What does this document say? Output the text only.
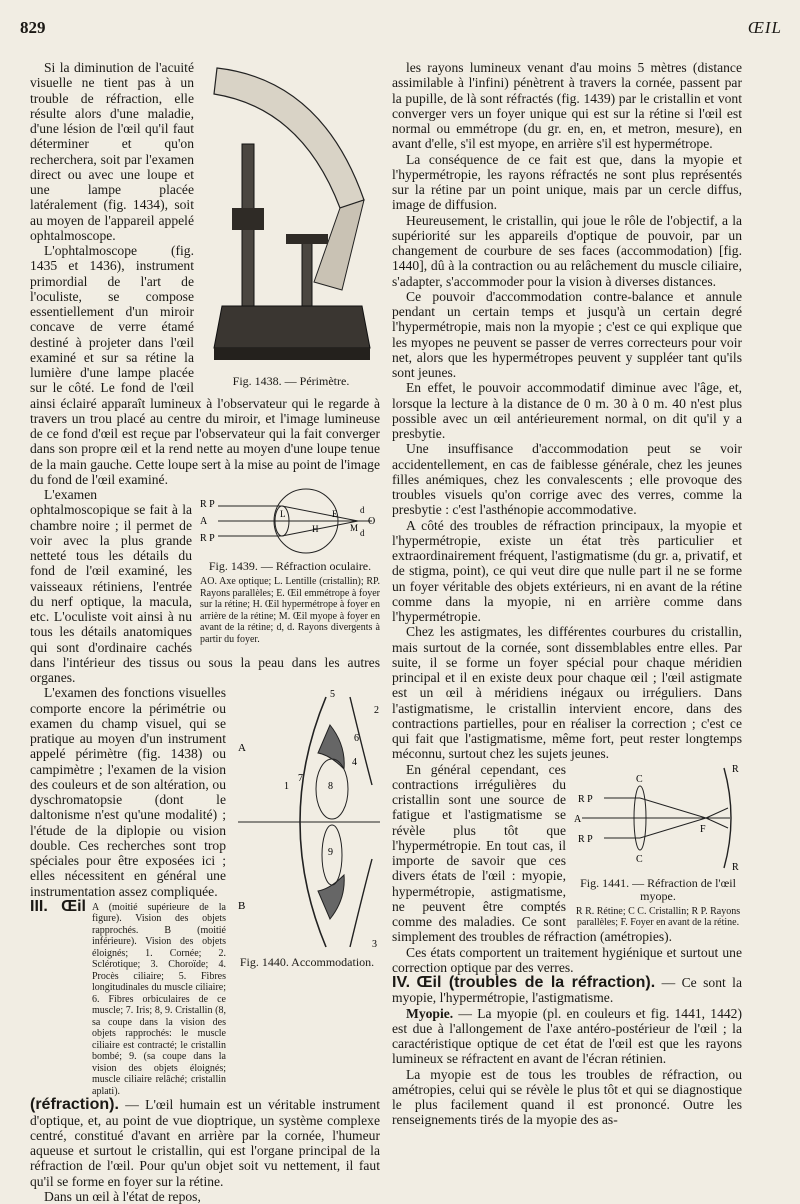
829	ŒIL
Fig. 1438. — Périmètre.

Si la diminution de l'acuité visuelle ne tient pas à un trouble de réfraction, elle résulte alors d'une maladie, d'une lésion de l'œil qu'il faut déterminer et qu'on recherchera, soit par l'examen direct ou avec une loupe et une lampe placée latéralement (fig. 1434), soit au moyen de l'appareil appelé ophtalmoscope.

L'ophtalmoscope (fig. 1435 et 1436), instrument primordial de l'art de l'oculiste, se compose essentiellement d'un miroir concave de verre étamé destiné à projeter dans l'œil examiné et sur sa rétine la lumière d'une lampe placée sur le côté. Le fond de l'œil ainsi éclairé apparaît lumineux à l'observateur qui le regarde à travers un trou placé au centre du miroir, et l'image lumineuse de ce fond d'œil est reçue par l'observateur qui la fait converger dans son propre œil et la rend nette au moyen d'une loupe tenue de la main gauche. Cette loupe sert à la mise au point de l'image du fond de l'œil examiné.

R P
A
R P
L	E
H
d
O
M d
Fig. 1439. — Réfraction oculaire.
AO. Axe optique; L. Lentille (cristallin); RP. Rayons parallèles; E. Œil emmétrope à foyer sur la rétine; H. Œil hypermétrope à foyer en arrière de la rétine; M. Œil myope à foyer en avant de la rétine; d, d. Rayons divergents à partir du foyer.

L'examen ophtalmoscopique se fait à la chambre noire ; il permet de voir avec la plus grande netteté tous les détails du fond de l'œil examiné, les vaisseaux rétiniens, l'entrée du nerf optique, la macula, etc. L'oculiste voit ainsi à nu tous les détails anatomiques qui sont d'ordinaire cachés dans l'intérieur des tissus ou sous la peau dans les autres organes.

A
B
1
2
3
4
5
6
7
8
9
Fig. 1440. Accommodation.

L'examen des fonctions visuelles comporte encore la périmétrie ou examen du champ visuel, qui se pratique au moyen d'un instrument appelé périmètre (fig. 1438) ou campimètre ; l'examen de la vision des couleurs et de son altération, ou dyschromatopsie (dont le daltonisme n'est qu'une modalité) ; l'étude de la diplopie ou vision double. Ces recherches sont trop spéciales pour être exposées ici ; elles nécessitent en général une instrumentation assez compliquée.

A (moitié supérieure de la figure). Vision des objets rapprochés. B (moitié inférieure). Vision des objets éloignés; 1. Cornée; 2. Sclérotique; 3. Choroïde; 4. Procès ciliaire; 5. Fibres longitudinales du muscle ciliaire; 6. Fibres orbiculaires de ce muscle; 7. Iris; 8, 9. Cristallin (8, sa coupe dans la vision des objets rapprochés: le muscle ciliaire est contracté; le cristallin bombé; 9. (sa coupe dans la vision des objets éloignés; muscle ciliaire relâché; cristallin aplati).

III. Œil (réfraction). — L'œil humain est un véritable instrument d'optique, et, au point de vue dioptrique, un système complexe centré, constitué d'avant en arrière par la cornée, l'humeur aqueuse et surtout le cristallin, qui est l'organe principal de la réfraction de l'œil. Pour qu'un objet soit vu nettement, il faut qu'il se forme en foyer sur la rétine.

Dans un œil à l'état de repos,

les rayons lumineux venant d'au moins 5 mètres (distance assimilable à l'infini) pénètrent à travers la cornée, passent par la pupille, de là sont réfractés (fig. 1439) par le cristallin et vont converger vers un foyer unique qui est sur la rétine si l'œil est normal ou emmétrope (du gr. en, en, et metron, mesure), en avant d'elle, s'il est myope, en arrière s'il est hypermétrope.

La conséquence de ce fait est que, dans la myopie et l'hypermétropie, les rayons réfractés ne sont plus représentés sur la rétine par un point unique, mais par un cercle diffus, image de diffusion.

Heureusement, le cristallin, qui joue le rôle de l'objectif, a la supériorité sur les appareils d'optique de pouvoir, par un changement de courbure de ses faces (accommodation) [fig. 1440], dû à la contraction ou au relâchement du muscle ciliaire, s'adapter, s'accommoder pour la vision à diverses distances.

Ce pouvoir d'accommodation contre-balance et annule pendant un certain temps et jusqu'à un certain degré l'hypermétropie, mais non la myopie ; c'est ce qui explique que les myopes ne peuvent se passer de verres correcteurs pour voir net, alors que les hypermétropes peuvent y suppléer tant qu'ils sont jeunes.

En effet, le pouvoir accommodatif diminue avec l'âge, et, lorsque la lecture à la distance de 0 m. 30 à 0 m. 40 n'est plus possible avec un œil antérieurement normal, on dit qu'il y a presbytie.

Une insuffisance d'accommodation peut se voir accidentellement, en cas de faiblesse générale, chez les jeunes filles anémiques, chez les convalescents ; elle provoque des troubles visuels qu'on corrige avec des verres, comme la presbytie : c'est l'asthénopie accommodative.

A côté des troubles de réfraction principaux, la myopie et l'hypermétropie, existe un état très particulier et extraordinairement fréquent, l'astigmatisme (du gr. a, privatif, et de stigma, point), ce qui veut dire que nulle part il ne se forme un foyer véritable des objets extérieurs, ni en avant de la rétine comme dans la myopie, ni en arrière comme dans l'hypermétropie.

Chez les astigmates, les différentes courbures du cristallin, mais surtout de la cornée, sont dissemblables entre elles. Par suite, il se forme un foyer spécial pour chaque méridien principal et il en existe deux pour chaque œil ; l'œil astigmate est un œil à méridiens inégaux ou irréguliers. Dans l'astigmatisme, le cristallin intervient encore, dans des contractions partielles, pour en réaliser la correction ; c'est ce qui fait que l'astigmatisme, même fort, peut rester longtemps méconnu, surtout chez les sujets jeunes.

C
R P
A
R P
F
C
R
R
Fig. 1441. — Réfraction de l'œil myope.
R R. Rétine; C C. Cristallin; R P. Rayons parallèles; F. Foyer en avant de la rétine.

En général cependant, ces contractions irrégulières du cristallin sont une source de fatigue et l'astigmatisme se révèle plus tôt que l'hypermétropie. En tout cas, il importe de savoir que ces divers états de l'œil : myopie, hypermétropie, astigmatisme, ne peuvent être comptés comme des maladies. Ce sont simplement des troubles de réfraction (amétropies).

Ces états comportent un traitement hygiénique et surtout une correction optique par des verres.

IV. Œil (troubles de la réfraction). — Ce sont la myopie, l'hypermétropie, l'astigmatisme.

Myopie. — La myopie (pl. en couleurs et fig. 1441, 1442) est due à l'allongement de l'axe antéro-postérieur de l'œil ; la caractéristique optique de cet état de l'œil est que les rayons lumineux se réfractent en avant de l'écran rétinien.

La myopie est de tous les troubles de réfraction, ou amétropies, celui qui se révèle le plus tôt et qui se diagnostique le plus facilement quand il est prononcé. Outre les renseignements tirés de la myopie des as-
